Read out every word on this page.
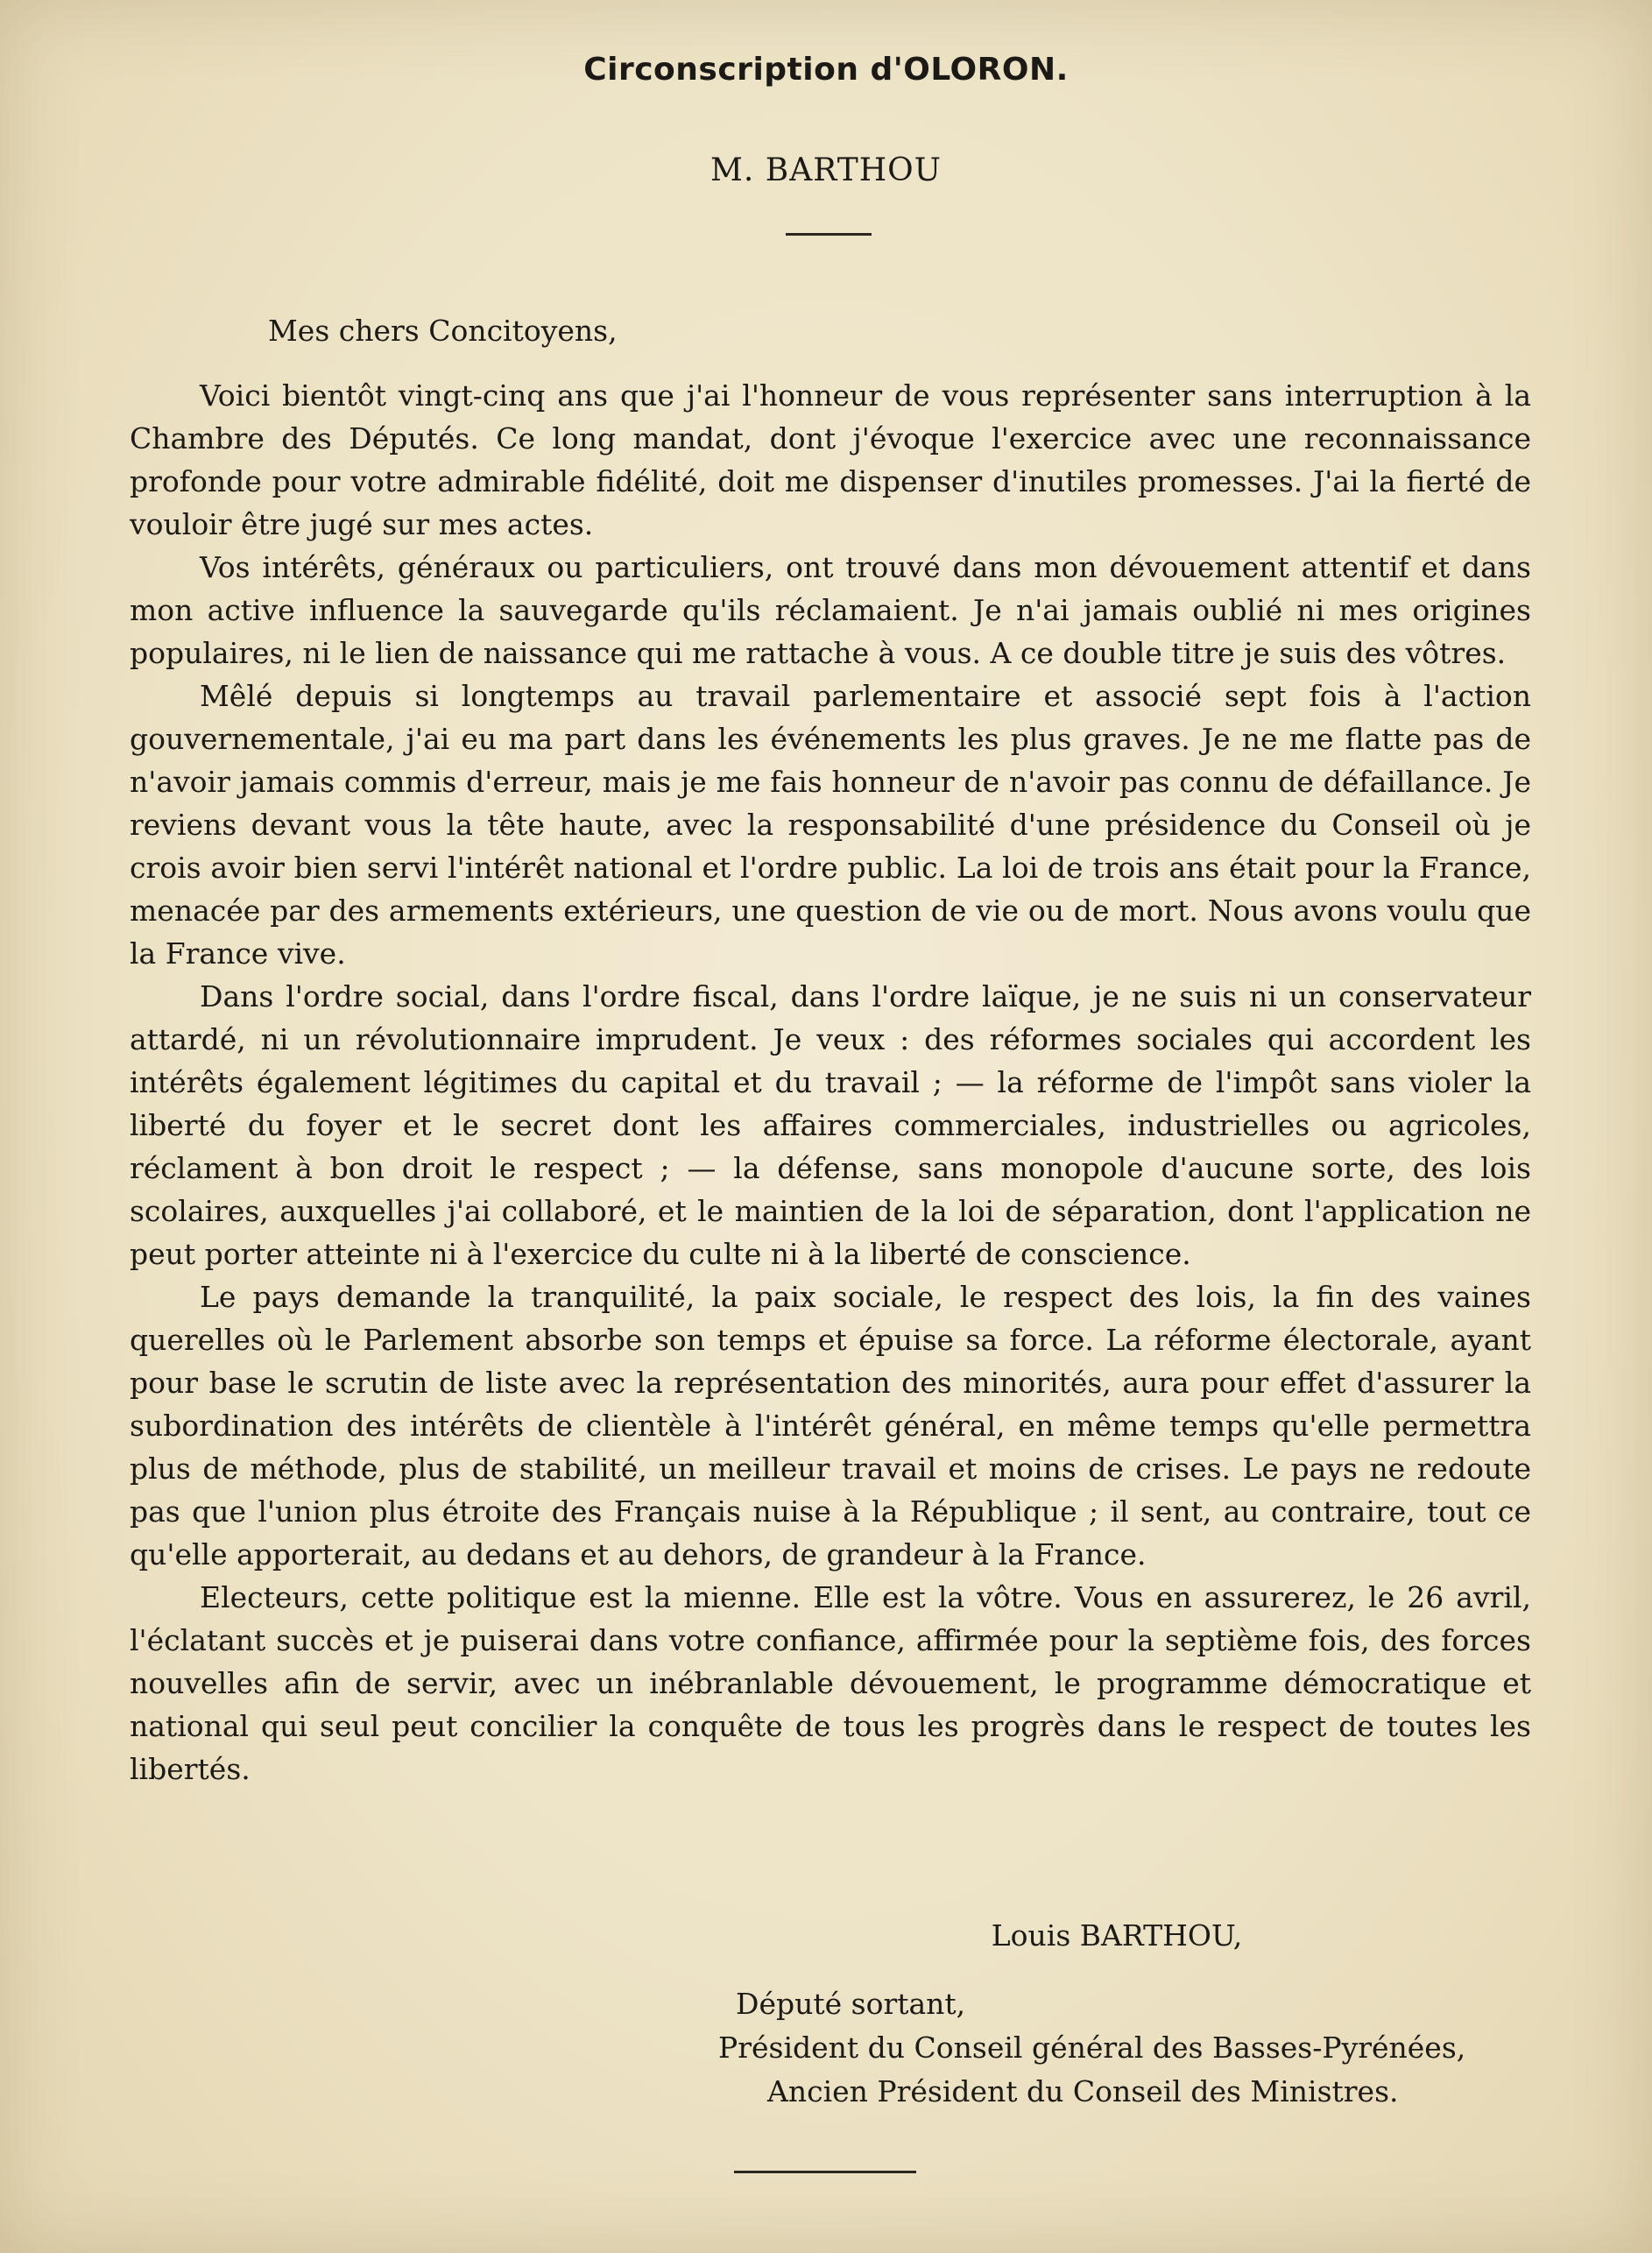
Circonscription d'OLORON.

M. BARTHOU

Mes chers Concitoyens,

Voici bientôt vingt-cinq ans que j'ai l'honneur de vous représenter sans interruption à la Chambre des Députés. Ce long mandat, dont j'évoque l'exercice avec une reconnaissance profonde pour votre admirable fidélité, doit me dispenser d'inutiles promesses. J'ai la fierté de vouloir être jugé sur mes actes.

Vos intérêts, généraux ou particuliers, ont trouvé dans mon dévouement attentif et dans mon active influence la sauvegarde qu'ils réclamaient. Je n'ai jamais oublié ni mes origines populaires, ni le lien de naissance qui me rattache à vous. A ce double titre je suis des vôtres.

Mêlé depuis si longtemps au travail parlementaire et associé sept fois à l'action gouvernementale, j'ai eu ma part dans les événements les plus graves. Je ne me flatte pas de n'avoir jamais commis d'erreur, mais je me fais honneur de n'avoir pas connu de défaillance. Je reviens devant vous la tête haute, avec la responsabilité d'une présidence du Conseil où je crois avoir bien servi l'intérêt national et l'ordre public. La loi de trois ans était pour la France, menacée par des armements extérieurs, une question de vie ou de mort. Nous avons voulu que la France vive.

Dans l'ordre social, dans l'ordre fiscal, dans l'ordre laïque, je ne suis ni un conservateur attardé, ni un révolutionnaire imprudent. Je veux : des réformes sociales qui accordent les intérêts également légitimes du capital et du travail ; — la réforme de l'impôt sans violer la liberté du foyer et le secret dont les affaires commerciales, industrielles ou agricoles, réclament à bon droit le respect ; — la défense, sans monopole d'aucune sorte, des lois scolaires, auxquelles j'ai collaboré, et le maintien de la loi de séparation, dont l'application ne peut porter atteinte ni à l'exercice du culte ni à la liberté de conscience.

Le pays demande la tranquilité, la paix sociale, le respect des lois, la fin des vaines querelles où le Parlement absorbe son temps et épuise sa force. La réforme électorale, ayant pour base le scrutin de liste avec la représentation des minorités, aura pour effet d'assurer la subordination des intérêts de clientèle à l'intérêt général, en même temps qu'elle permettra plus de méthode, plus de stabilité, un meilleur travail et moins de crises. Le pays ne redoute pas que l'union plus étroite des Français nuise à la République ; il sent, au contraire, tout ce qu'elle apporterait, au dedans et au dehors, de grandeur à la France.

Electeurs, cette politique est la mienne. Elle est la vôtre. Vous en assurerez, le 26 avril, l'éclatant succès et je puiserai dans votre confiance, affirmée pour la septième fois, des forces nouvelles afin de servir, avec un inébranlable dévouement, le programme démocratique et national qui seul peut concilier la conquête de tous les progrès dans le respect de toutes les libertés.

Louis BARTHOU,

Député sortant,

Président du Conseil général des Basses-Pyrénées,

Ancien Président du Conseil des Ministres.
